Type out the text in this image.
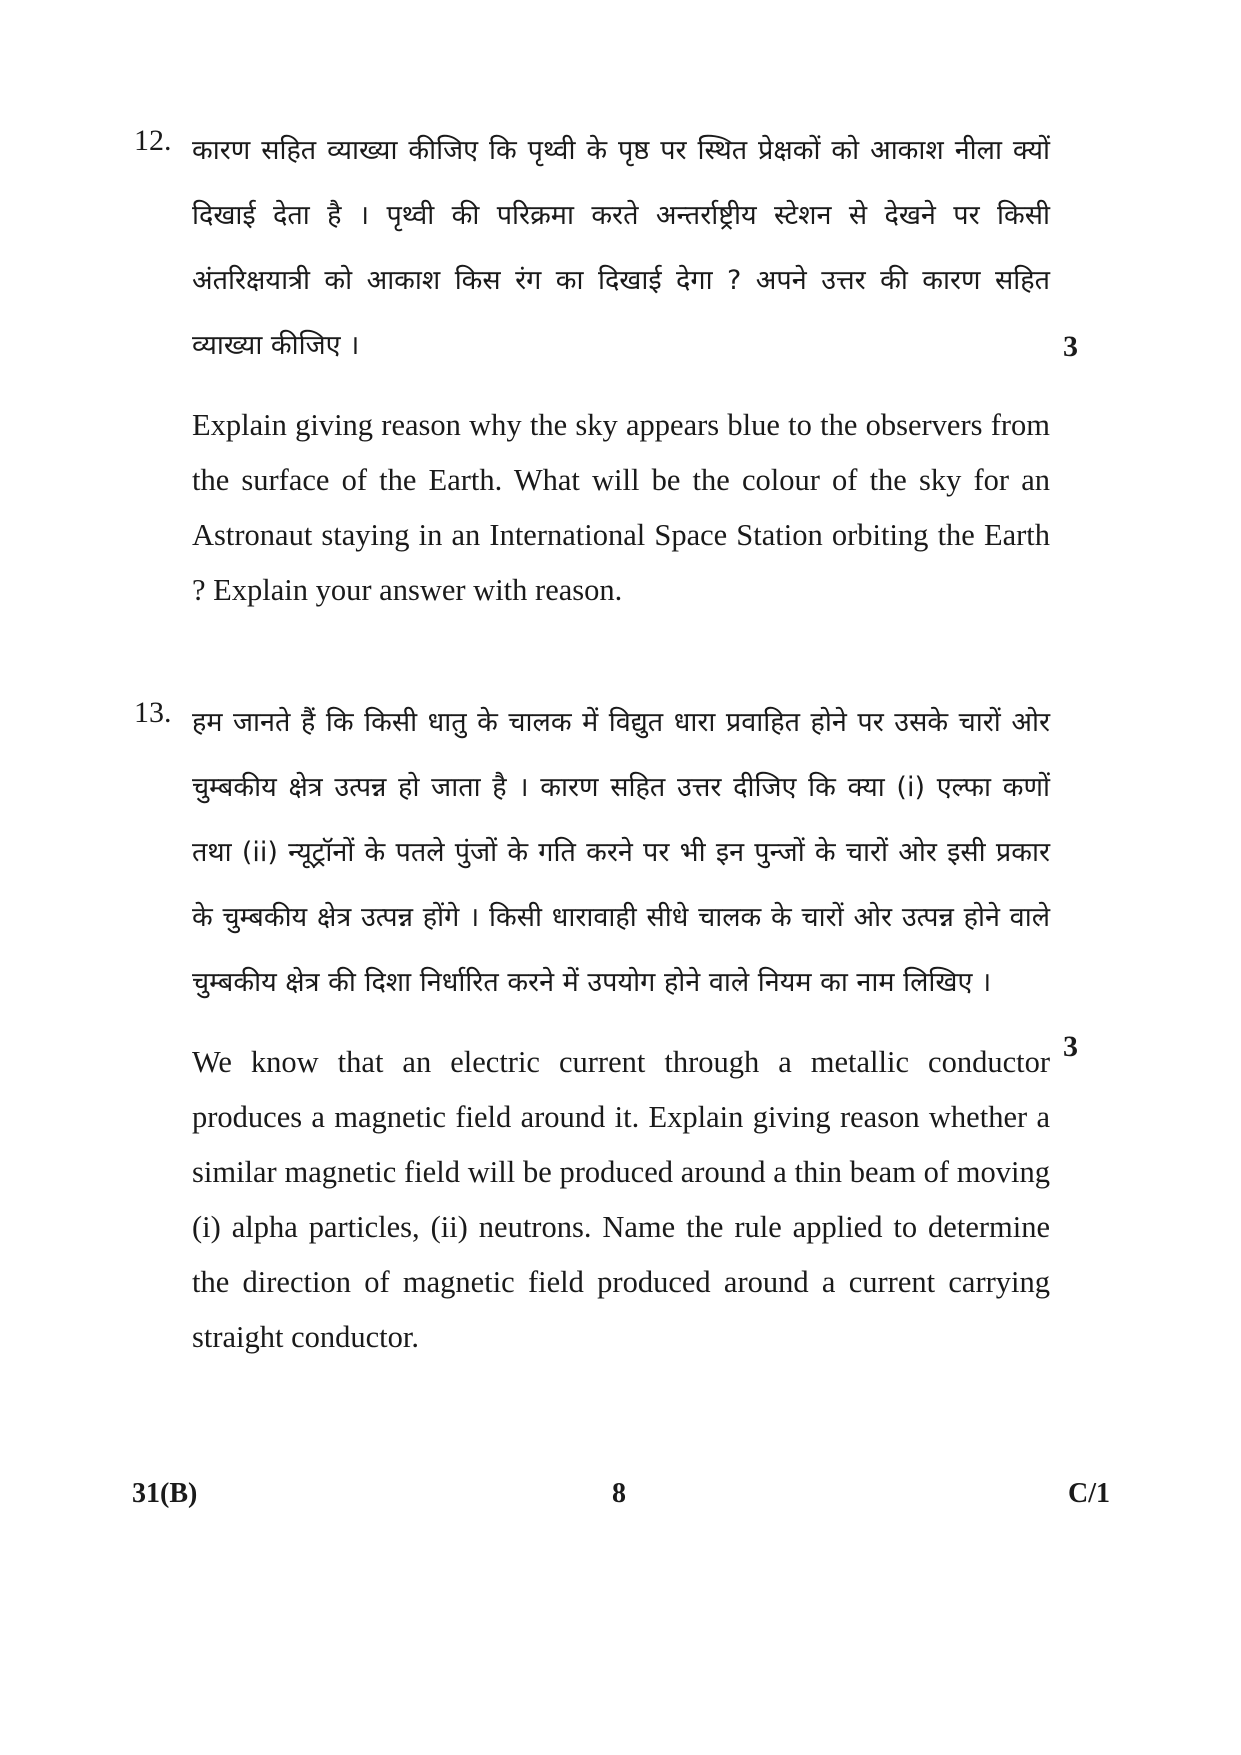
12. कारण सहित व्याख्या कीजिए कि पृथ्वी के पृष्ठ पर स्थित प्रेक्षकों को आकाश नीला क्यों दिखाई देता है । पृथ्वी की परिक्रमा करते अन्तर्राष्ट्रीय स्टेशन से देखने पर किसी अंतरिक्षयात्री को आकाश किस रंग का दिखाई देगा ? अपने उत्तर की कारण सहित व्याख्या कीजिए ।

Explain giving reason why the sky appears blue to the observers from the surface of the Earth. What will be the colour of the sky for an Astronaut staying in an International Space Station orbiting the Earth ? Explain your answer with reason.

3
13. हम जानते हैं कि किसी धातु के चालक में विद्युत धारा प्रवाहित होने पर उसके चारों ओर चुम्बकीय क्षेत्र उत्पन्न हो जाता है । कारण सहित उत्तर दीजिए कि क्या (i) एल्फा कणों तथा (ii) न्यूट्रॉनों के पतले पुंजों के गति करने पर भी इन पुन्जों के चारों ओर इसी प्रकार के चुम्बकीय क्षेत्र उत्पन्न होंगे । किसी धारावाही सीधे चालक के चारों ओर उत्पन्न होने वाले चुम्बकीय क्षेत्र की दिशा निर्धारित करने में उपयोग होने वाले नियम का नाम लिखिए ।

We know that an electric current through a metallic conductor produces a magnetic field around it. Explain giving reason whether a similar magnetic field will be produced around a thin beam of moving (i) alpha particles, (ii) neutrons. Name the rule applied to determine the direction of magnetic field produced around a current carrying straight conductor.

3
31(B)	8	C/1
